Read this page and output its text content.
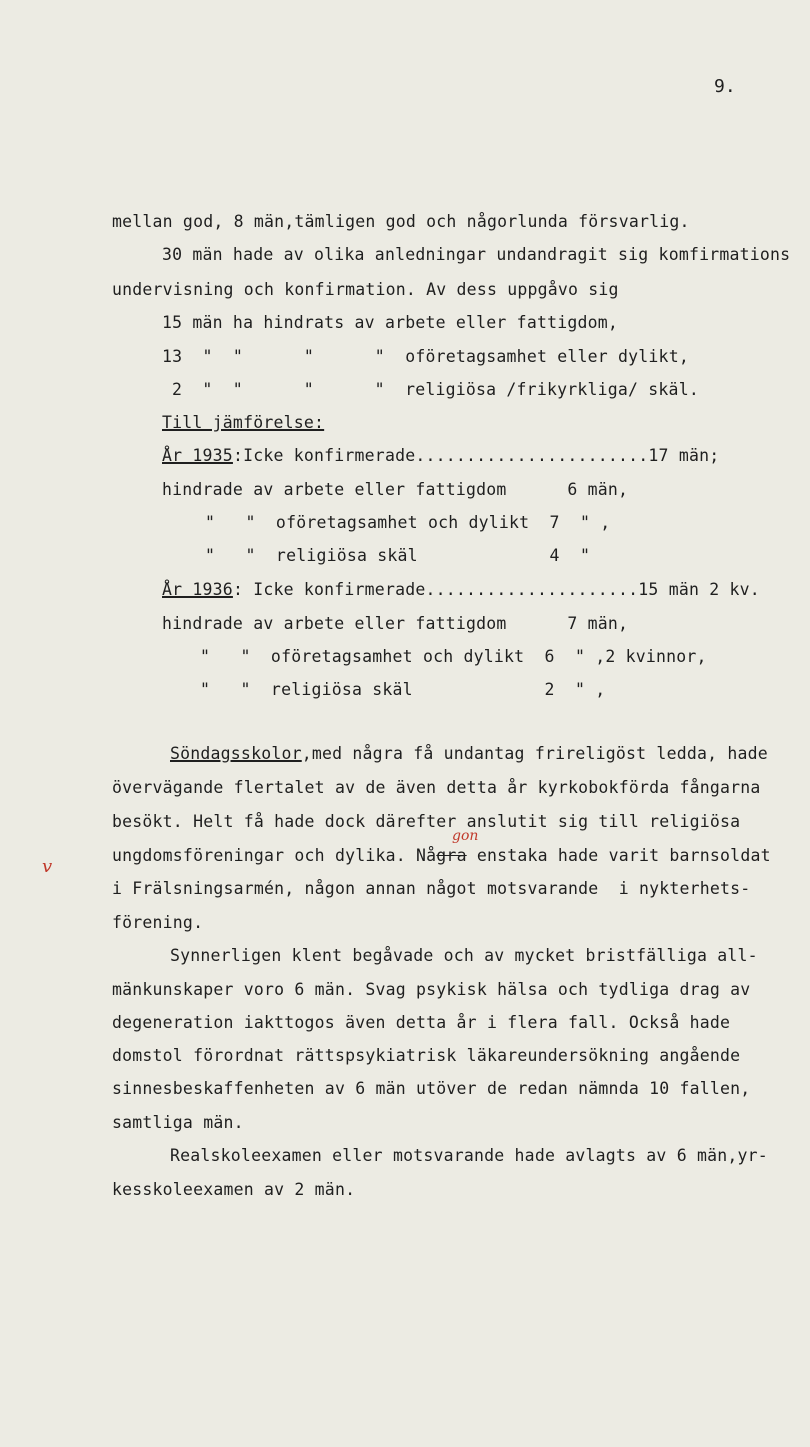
9.
mellan god, 8 män,tämligen god och någorlunda försvarlig.
30 män hade av olika anledningar undandragit sig komfirmations
undervisning och konfirmation. Av dess uppgåvo sig
15 män ha hindrats av arbete eller fattigdom,
13  "  "      "      "  oföretagsamhet eller dylikt,
2  "  "      "      "  religiösa /frikyrkliga/ skäl.
Till jämförelse:
År 1935:Icke konfirmerade.......................17 män;
hindrade av arbete eller fattigdom      6 män,
"   "  oföretagsamhet och dylikt  7  " ,
"   "  religiösa skäl             4  "
År 1936: Icke konfirmerade.....................15 män 2 kv.
hindrade av arbete eller fattigdom      7 män,
"   "  oföretagsamhet och dylikt  6  " ,2 kvinnor,
"   "  religiösa skäl             2  " ,
Söndagsskolor,med några få undantag frireligöst ledda, hade
övervägande flertalet av de även detta år kyrkobokförda fångarna
besökt. Helt få hade dock därefter anslutit sig till religiösa
v
gon
ungdomsföreningar och dylika. Några enstaka hade varit barnsoldat
i Frälsningsarmén, någon annan något motsvarande  i nykterhets-
förening.
Synnerligen klent begåvade och av mycket bristfälliga all-
mänkunskaper voro 6 män. Svag psykisk hälsa och tydliga drag av
degeneration iakttogos även detta år i flera fall. Också hade
domstol förordnat rättspsykiatrisk läkareundersökning angående
sinnesbeskaffenheten av 6 män utöver de redan nämnda 10 fallen,
samtliga män.
Realskoleexamen eller motsvarande hade avlagts av 6 män,yr-
kesskoleexamen av 2 män.
